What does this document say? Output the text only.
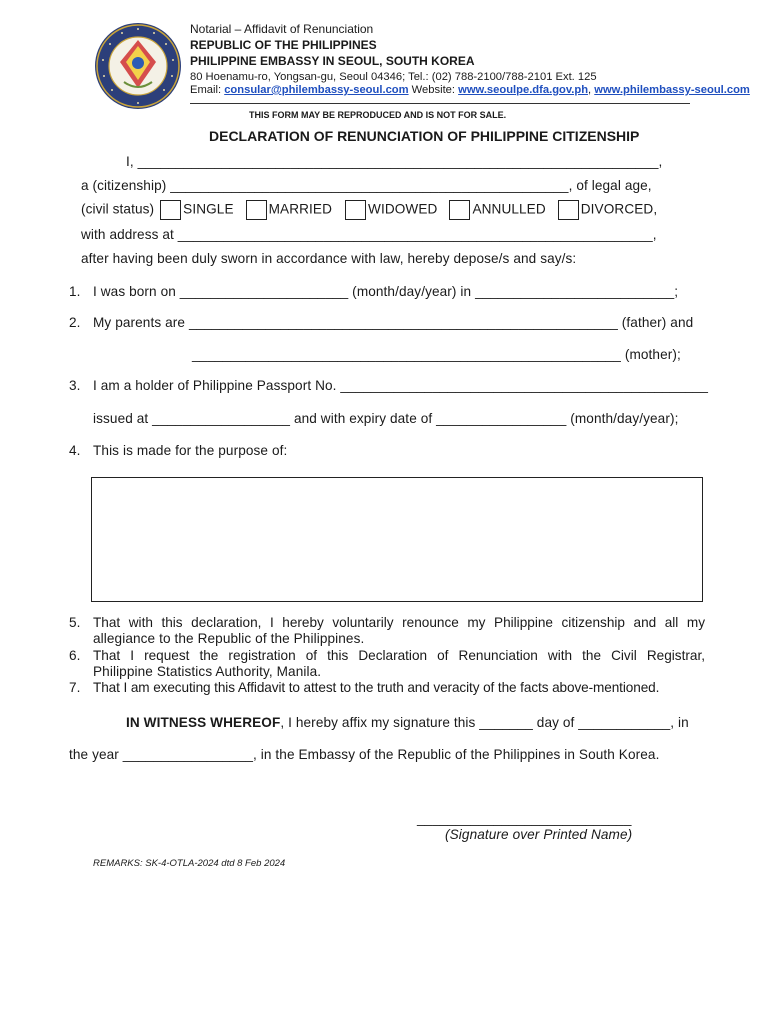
Notarial – Affidavit of Renunciation
REPUBLIC OF THE PHILIPPINES
PHILIPPINE EMBASSY IN SEOUL, SOUTH KOREA
80 Hoenamu-ro, Yongsan-gu, Seoul 04346; Tel.: (02) 788-2100/788-2101 Ext. 125
Email: consular@philembassy-seoul.com Website: www.seoulpe.dfa.gov.ph, www.philembassy-seoul.com
THIS FORM MAY BE REPRODUCED AND IS NOT FOR SALE.
DECLARATION OF RENUNCIATION OF PHILIPPINE CITIZENSHIP
I, ____________________________________________________________________,
a (citizenship) ____________________________________________________, of legal age,
(civil status) SINGLE	MARRIED	WIDOWED	ANNULLED	DIVORCED,
with address at ______________________________________________________________,
after having been duly sworn in accordance with law, hereby depose/s and say/s:
1. I was born on ______________________ (month/day/year) in __________________________;
2. My parents are ________________________________________________________ (father) and
________________________________________________________ (mother);
3. I am a holder of Philippine Passport No. ________________________________________________
issued at __________________ and with expiry date of _________________ (month/day/year);
4. This is made for the purpose of:
5. That with this declaration, I hereby voluntarily renounce my Philippine citizenship and all my
allegiance to the Republic of the Philippines.
6. That I request the registration of this Declaration of Renunciation with the Civil Registrar,
Philippine Statistics Authority, Manila.
7. That I am executing this Affidavit to attest to the truth and veracity of the facts above-mentioned.
IN WITNESS WHEREOF, I hereby affix my signature this _______ day of ____________, in
the year _________________, in the Embassy of the Republic of the Philippines in South Korea.
____________________________
(Signature over Printed Name)
REMARKS: SK-4-OTLA-2024 dtd 8 Feb 2024
